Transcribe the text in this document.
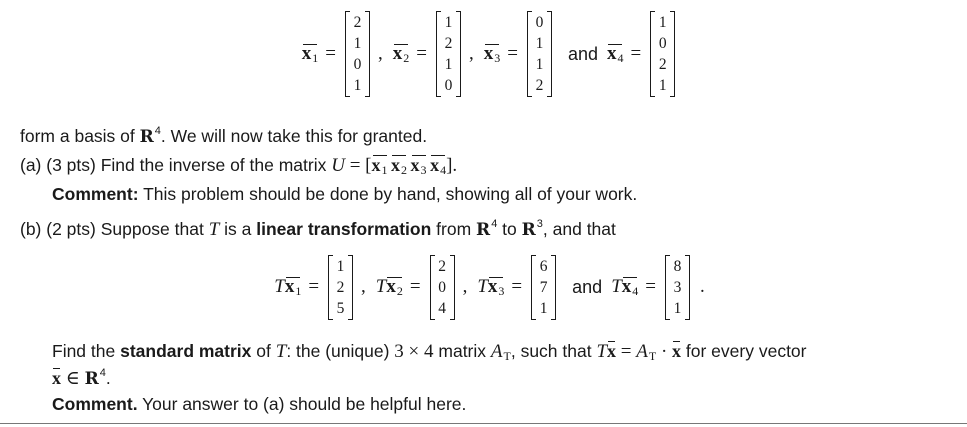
$x_1$ =
2
1
0
1
, $x_2$ =
1
2
1
0
, $x_3$ =
0
1
1
2
and $x_4$ =
1
0
2
1
form a basis of $R^4$. We will now take this for granted.
(a) (3 pts) Find the inverse of the matrix U = [
$x_1$  $x_2$  $x_3$  $x_4$].
Comment: This problem should be done by hand, showing all of your work.
(b) (2 pts) Suppose that T is a linear transformation from $R^4$ to $R^3$, and that
T $x_1$ =
1
2
5
, T $x_2$ =
2
0
4
, T $x_3$ =
6
7
1
and T $x_4$ =
8
3
1
.
Find the standard matrix of T: the (unique) 3 × 4 matrix $A_T$, such that T
$x = A_T$ ·
x for every vector
x ∈ $R^4$.
Comment. Your answer to (a) should be helpful here.
